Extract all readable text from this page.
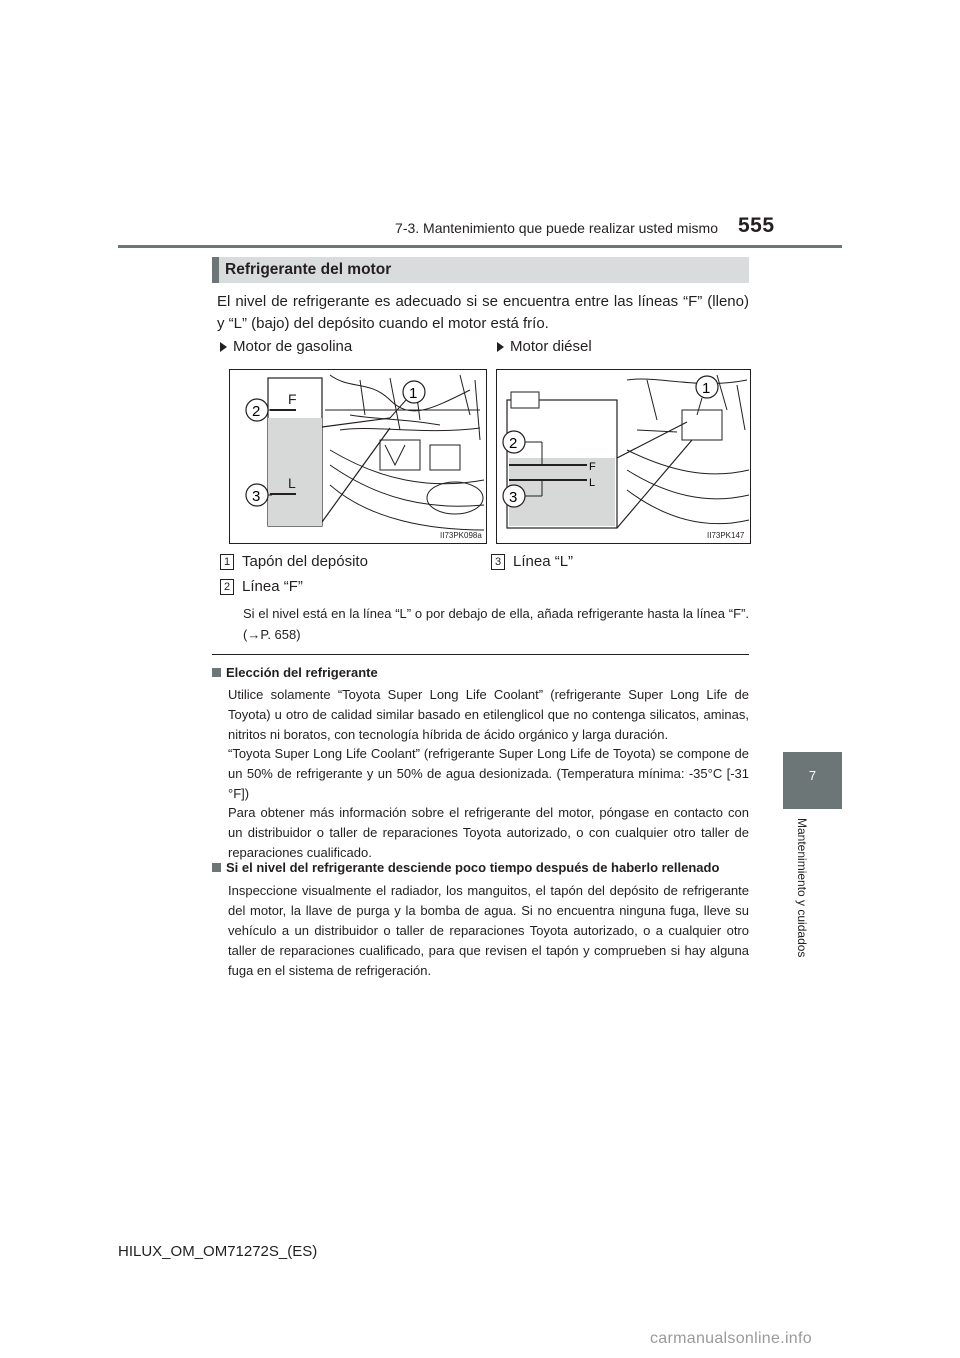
7-3. Mantenimiento que puede realizar usted mismo 555
7
Mantenimiento y cuidados
Refrigerante del motor
El nivel de refrigerante es adecuado si se encuentra entre las líneas “F” (lleno) y “L” (bajo) del depósito cuando el motor está frío.
Motor de gasolina	Motor diésel
F
L
2
3
1
II73PK098a
F
L
2
3
1
II73PK147
1 Tapón del depósito
2 Línea “F”
3 Línea “L”
Si el nivel está en la línea “L” o por debajo de ella, añada refrigerante hasta la línea “F”. (→P. 658)
Elección del refrigerante
Utilice solamente “Toyota Super Long Life Coolant” (refrigerante Super Long Life de Toyota) u otro de calidad similar basado en etilenglicol que no contenga silicatos, aminas, nitritos ni boratos, con tecnología híbrida de ácido orgánico y larga duración.
“Toyota Super Long Life Coolant” (refrigerante Super Long Life de Toyota) se compone de un 50% de refrigerante y un 50% de agua desionizada. (Temperatura mínima: -35°C [-31 °F])
Para obtener más información sobre el refrigerante del motor, póngase en contacto con un distribuidor o taller de reparaciones Toyota autorizado, o con cualquier otro taller de reparaciones cualificado.
Si el nivel del refrigerante desciende poco tiempo después de haberlo rellenado
Inspeccione visualmente el radiador, los manguitos, el tapón del depósito de refrigerante del motor, la llave de purga y la bomba de agua. Si no encuentra ninguna fuga, lleve su vehículo a un distribuidor o taller de reparaciones Toyota autorizado, o a cualquier otro taller de reparaciones cualificado, para que revisen el tapón y comprueben si hay alguna fuga en el sistema de refrigeración.
HILUX_OM_OM71272S_(ES)
carmanualsonline.info
